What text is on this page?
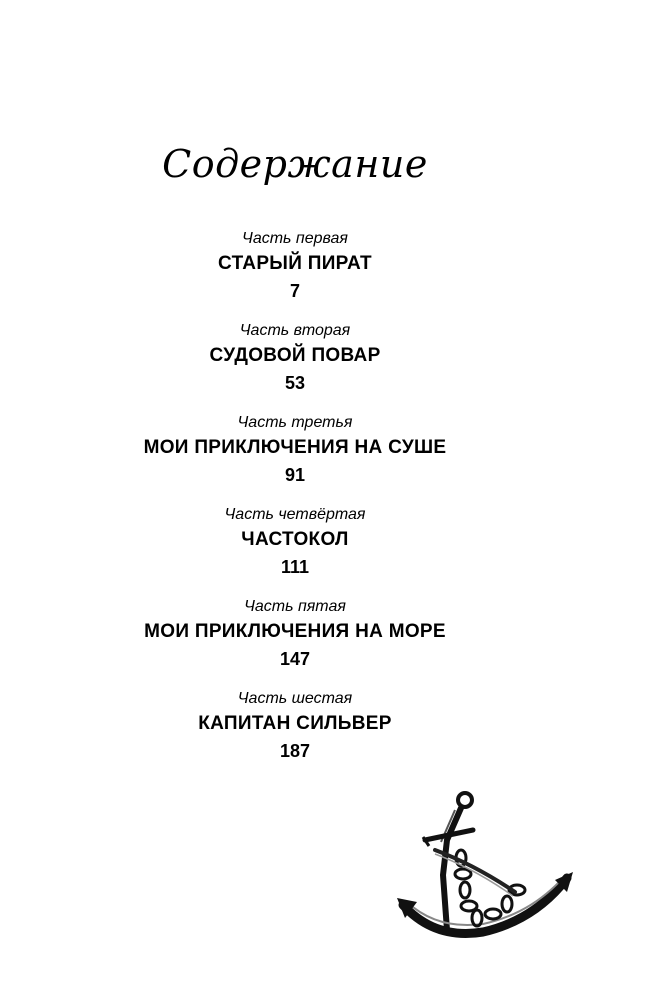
Содержание
Часть первая
СТАРЫЙ ПИРАТ
7
Часть вторая
СУДОВОЙ ПОВАР
53
Часть третья
МОИ ПРИКЛЮЧЕНИЯ НА СУШЕ
91
Часть четвёртая
ЧАСТОКОЛ
111
Часть пятая
МОИ ПРИКЛЮЧЕНИЯ НА МОРЕ
147
Часть шестая
КАПИТАН СИЛЬВЕР
187
